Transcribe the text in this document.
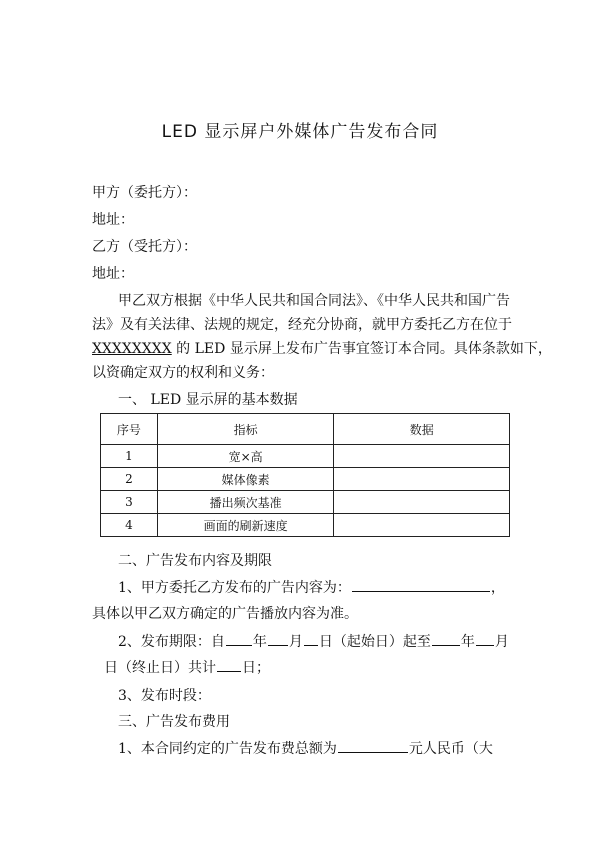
LED 显示屏户外媒体广告发布合同
甲方（委托方）：
地址：
乙方（受托方）：
地址：
甲乙双方根据《中华人民共和国合同法》、《中华人民共和国广告
法》及有关法律、法规的规定，经充分协商，就甲方委托乙方在位于
XXXXXXXX 的 LED 显示屏上发布广告事宜签订本合同。具体条款如下，
以资确定双方的权利和义务：
一、 LED 显示屏的基本数据
序号	指标	数据
1	宽×高	
2	媒体像素	
3	播出频次基准	
4	画面的刷新速度	
二、广告发布内容及期限
1、甲方委托乙方发布的广告内容为：	，
具体以甲乙双方确定的广告播放内容为准。
2、发布期限：自 年 月 日（起始日）起至 年 月
日（终止日）共计 日；
3、发布时段：
三、广告发布费用
1、本合同约定的广告发布费总额为	元人民币（大
